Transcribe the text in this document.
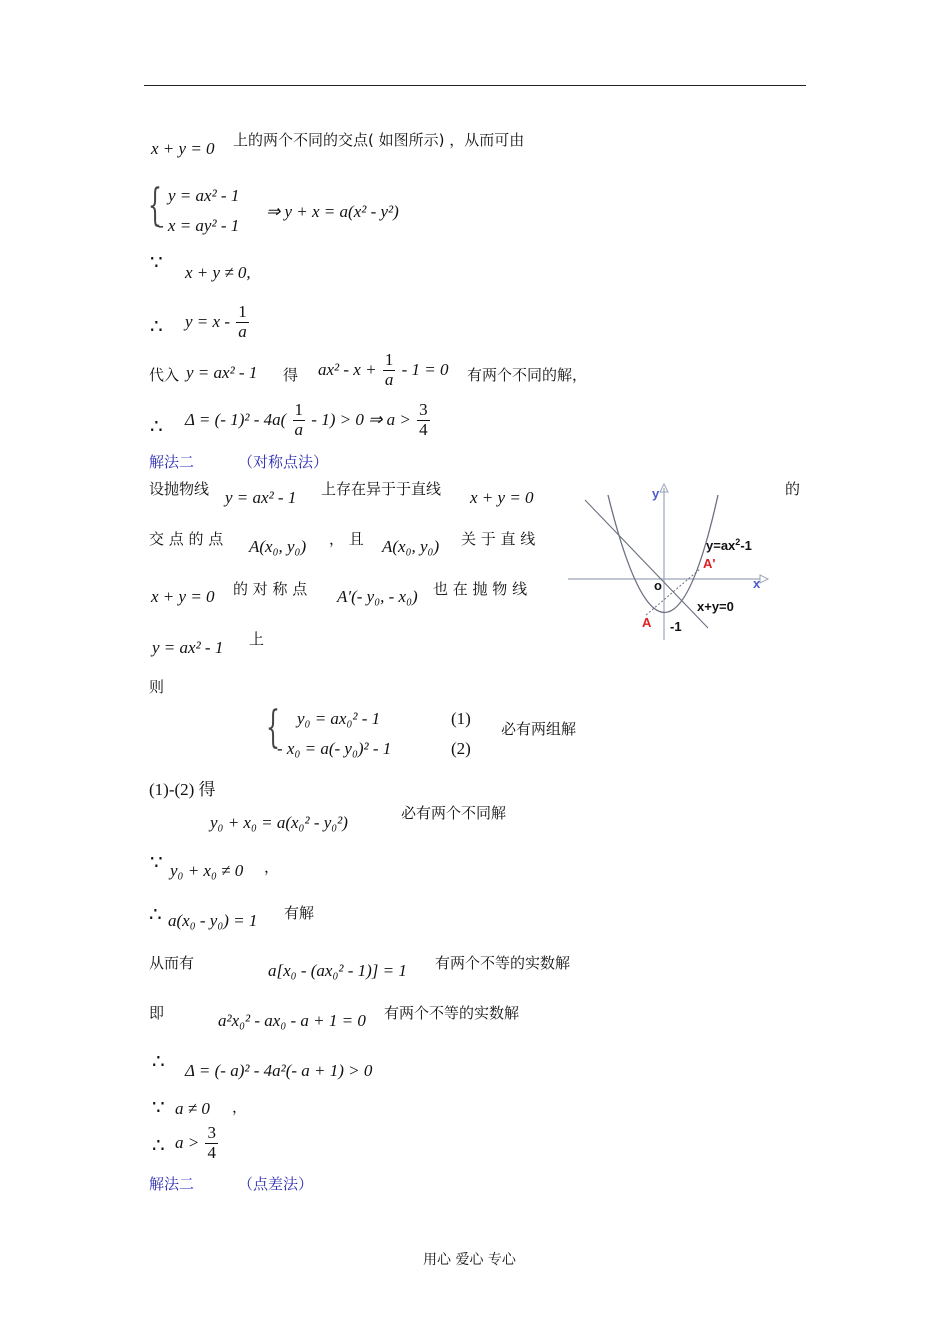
x + y = 0 上的两个不同的交点( 如图所示) ，从而可由
{ y = ax² - 1
- x = ay² - 1
⇒ y + x = a(x² - y²)
∵ x + y ≠ 0,
∴ $y = x - \frac{1}{a}$
代入 y = ax² - 1 得 $ax^2 - x + \frac{1}{a} - 1 = 0$ 有两个不同的解，
∴ Δ = (- $1)^2 - 4a( \frac{1}{a} - 1) > 0$ ⇒ $a > \frac{3}{4}$
解法二	（对称点法）
设抛物线 y = ax² - 1 上存在异于于直线 x + y = 0	的
交 点 的 点 A(x₀, y₀) ， 且 A(x₀, y₀) 关 于 直 线
x + y = 0 的 对 称 点 A′(- y₀, - x₀) 也 在 抛 物 线
y = ax² - 1 上
y
x
o
$y=ax^2-1$
x+y=0
A
A'
-1
则
{ y₀ = ax₀² - 1	(1)
- x₀ = a(- y₀)² - 1	(2)
必有两组解
(1)-(2) 得
y₀ + x₀ = a(x₀² - y₀²)	必有两个不同解
∵ y₀ + x₀ ≠ 0 ，
∴ a(x₀ - y₀) = 1 有解
从而有	a[x₀ - (ax₀² - 1)] = 1 有两个不等的实数解
即	a²x₀² - ax₀ - a + 1 = 0 有两个不等的实数解
∴ Δ = (- a)² - 4a²(- a + 1) > 0
∵ a ≠ 0 ，
∴ $a > \frac{3}{4}$
解法二	（点差法）
用心 爱心 专心
